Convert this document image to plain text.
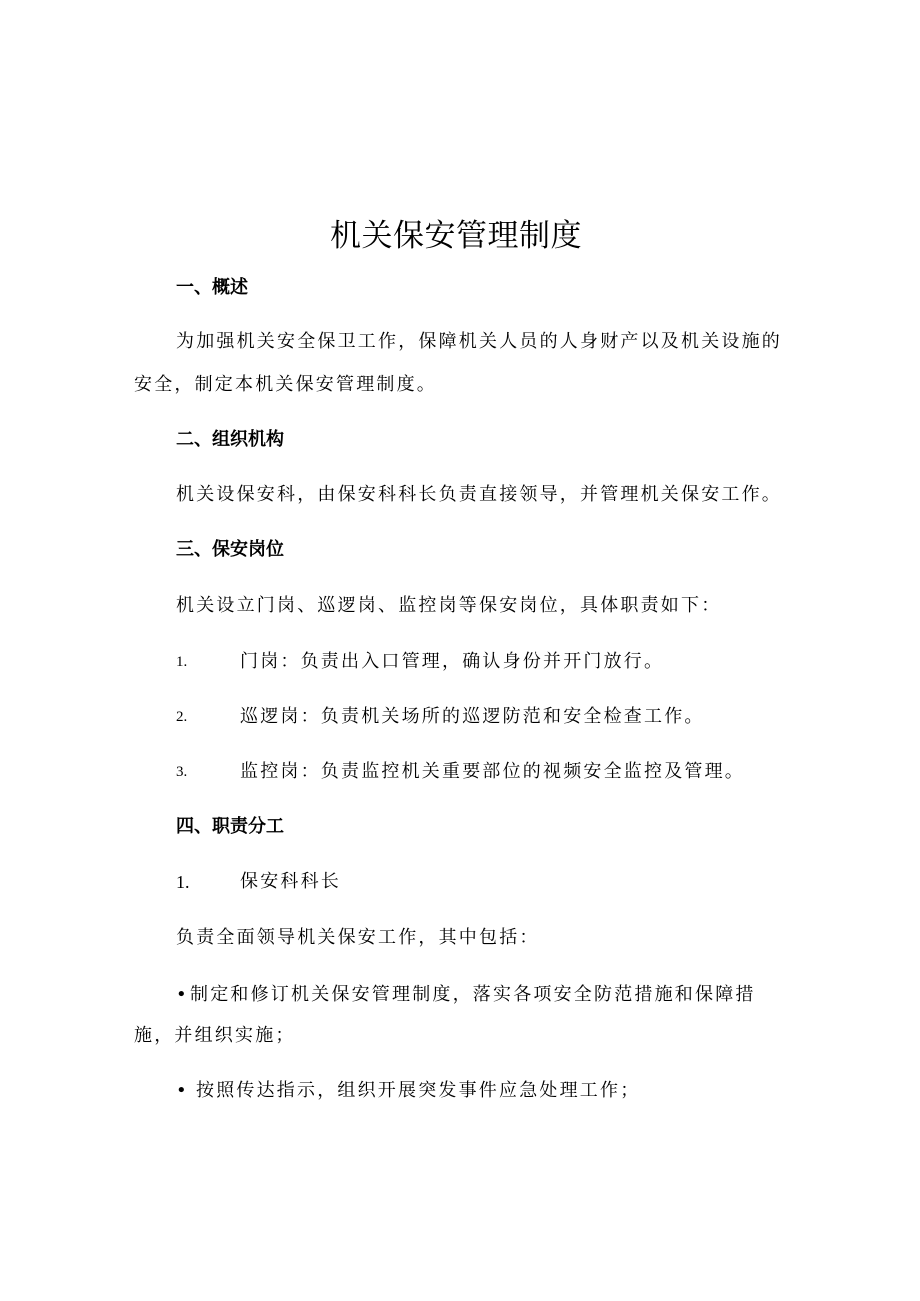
机关保安管理制度
一、概述
为加强机关安全保卫工作，保障机关人员的人身财产以及机关设施的
安全，制定本机关保安管理制度。
二、组织机构
机关设保安科，由保安科科长负责直接领导，并管理机关保安工作。
三、保安岗位
机关设立门岗、巡逻岗、监控岗等保安岗位，具体职责如下：
1.	门岗：负责出入口管理，确认身份并开门放行。
2.	巡逻岗：负责机关场所的巡逻防范和安全检查工作。
3.	监控岗：负责监控机关重要部位的视频安全监控及管理。
四、职责分工
1.	保安科科长
负责全面领导机关保安工作，其中包括：
• 制定和修订机关保安管理制度，落实各项安全防范措施和保障措
施，并组织实施；
• 按照传达指示，组织开展突发事件应急处理工作；
